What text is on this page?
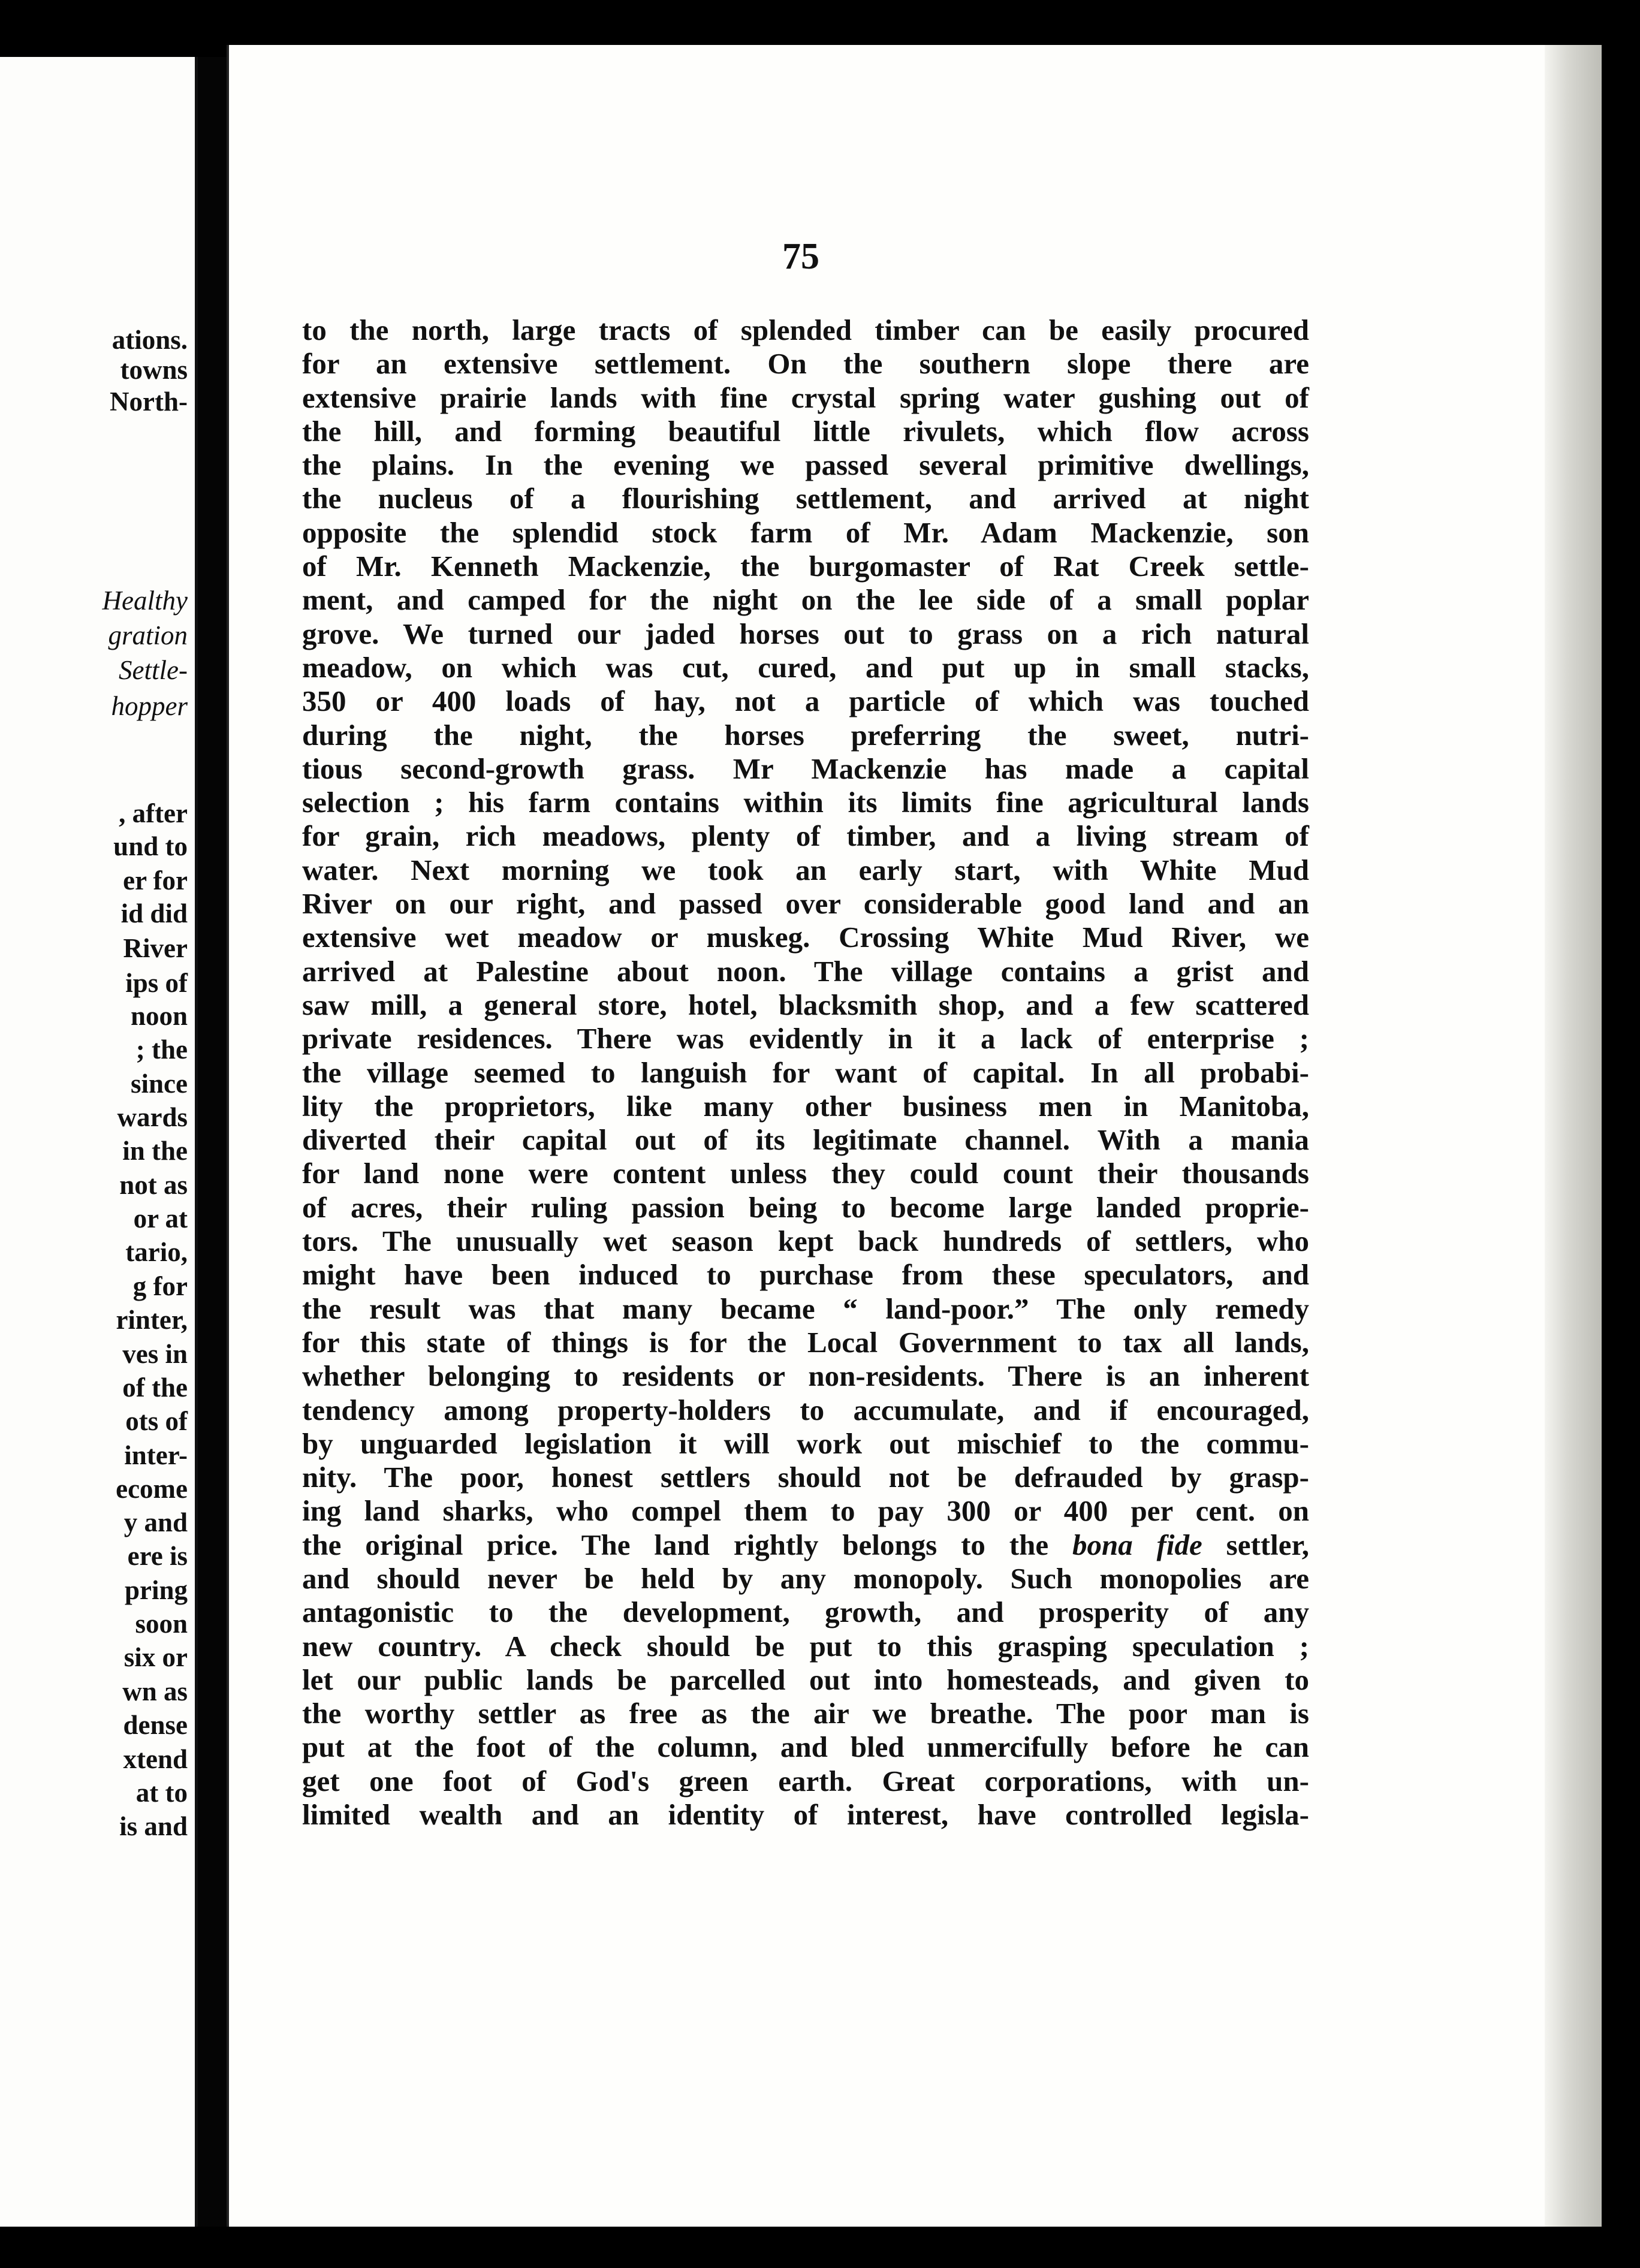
ations.
towns
North-
Healthy
gration
Settle-
hopper
, after
und to
er for
id did
River
ips of
noon
; the
since
wards
in the
not as
or at
tario,
g for
rinter,
ves in
of the
ots of
inter-
ecome
y and
ere is
pring
soon
six or
wn as
dense
xtend
at to
is and
75
to the north, large tracts of splended timber can be easily procured
for an extensive settlement. On the southern slope there are
extensive prairie lands with fine crystal spring water gushing out of
the hill, and forming beautiful little rivulets, which flow across
the plains. In the evening we passed several primitive dwellings,
the nucleus of a flourishing settlement, and arrived at night
opposite the splendid stock farm of Mr. Adam Mackenzie, son
of Mr. Kenneth Mackenzie, the burgomaster of Rat Creek settle-
ment, and camped for the night on the lee side of a small poplar
grove. We turned our jaded horses out to grass on a rich natural
meadow, on which was cut, cured, and put up in small stacks,
350 or 400 loads of hay, not a particle of which was touched
during the night, the horses preferring the sweet, nutri-
tious second-growth grass. Mr Mackenzie has made a capital
selection ; his farm contains within its limits fine agricultural lands
for grain, rich meadows, plenty of timber, and a living stream of
water. Next morning we took an early start, with White Mud
River on our right, and passed over considerable good land and an
extensive wet meadow or muskeg. Crossing White Mud River, we
arrived at Palestine about noon. The village contains a grist and
saw mill, a general store, hotel, blacksmith shop, and a few scattered
private residences. There was evidently in it a lack of enterprise ;
the village seemed to languish for want of capital. In all probabi-
lity the proprietors, like many other business men in Manitoba,
diverted their capital out of its legitimate channel. With a mania
for land none were content unless they could count their thousands
of acres, their ruling passion being to become large landed proprie-
tors. The unusually wet season kept back hundreds of settlers, who
might have been induced to purchase from these speculators, and
the result was that many became “ land-poor.” The only remedy
for this state of things is for the Local Government to tax all lands,
whether belonging to residents or non-residents. There is an inherent
tendency among property-holders to accumulate, and if encouraged,
by unguarded legislation it will work out mischief to the commu-
nity. The poor, honest settlers should not be defrauded by grasp-
ing land sharks, who compel them to pay 300 or 400 per cent. on
the original price. The land rightly belongs to the bona fide settler,
and should never be held by any monopoly. Such monopolies are
antagonistic to the development, growth, and prosperity of any
new country. A check should be put to this grasping speculation ;
let our public lands be parcelled out into homesteads, and given to
the worthy settler as free as the air we breathe. The poor man is
put at the foot of the column, and bled unmercifully before he can
get one foot of God's green earth. Great corporations, with un-
limited wealth and an identity of interest, have controlled legisla-
